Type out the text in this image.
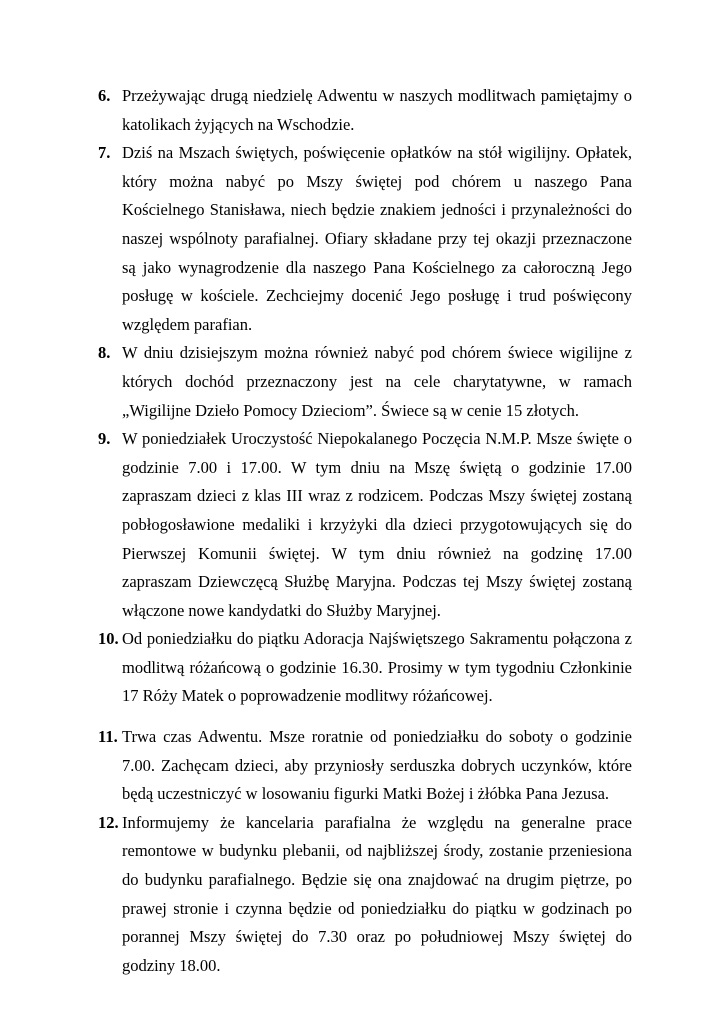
6. Przeżywając drugą niedzielę Adwentu w naszych modlitwach pamiętajmy o katolikach żyjących na Wschodzie.
7. Dziś na Mszach świętych, poświęcenie opłatków na stół wigilijny. Opłatek, który można nabyć po Mszy świętej pod chórem u naszego Pana Kościelnego Stanisława, niech będzie znakiem jedności i przynależności do naszej wspólnoty parafialnej. Ofiary składane przy tej okazji przeznaczone są jako wynagrodzenie dla naszego Pana Kościelnego za całoroczną Jego posługę w kościele. Zechciejmy docenić Jego posługę i trud poświęcony względem parafian.
8. W dniu dzisiejszym można również nabyć pod chórem świece wigilijne z których dochód przeznaczony jest na cele charytatywne, w ramach „Wigilijne Dzieło Pomocy Dzieciom”. Świece są w cenie 15 złotych.
9. W poniedziałek Uroczystość Niepokalanego Poczęcia N.M.P. Msze święte o godzinie 7.00 i 17.00. W tym dniu na Mszę świętą o godzinie 17.00 zapraszam dzieci z klas III wraz z rodzicem. Podczas Mszy świętej zostaną pobłogosławione medaliki i krzyżyki dla dzieci przygotowujących się do Pierwszej Komunii świętej. W tym dniu również na godzinę 17.00 zapraszam Dziewczęcą Służbę Maryjna. Podczas tej Mszy świętej zostaną włączone nowe kandydatki do Służby Maryjnej.
10. Od poniedziałku do piątku Adoracja Najświętszego Sakramentu połączona z modlitwą różańcową o godzinie 16.30. Prosimy w tym tygodniu Członkinie 17 Róży Matek o poprowadzenie modlitwy różańcowej.
11. Trwa czas Adwentu. Msze roratnie od poniedziałku do soboty o godzinie 7.00. Zachęcam dzieci, aby przyniosły serduszka dobrych uczynków, które będą uczestniczyć w losowaniu figurki Matki Bożej i żłóbka Pana Jezusa.
12. Informujemy że kancelaria parafialna że względu na generalne prace remontowe w budynku plebanii, od najbliższej środy, zostanie przeniesiona do budynku parafialnego. Będzie się ona znajdować na drugim piętrze, po prawej stronie i czynna będzie od poniedziałku do piątku w godzinach po porannej Mszy świętej do 7.30 oraz po południowej Mszy świętej do godziny 18.00.
